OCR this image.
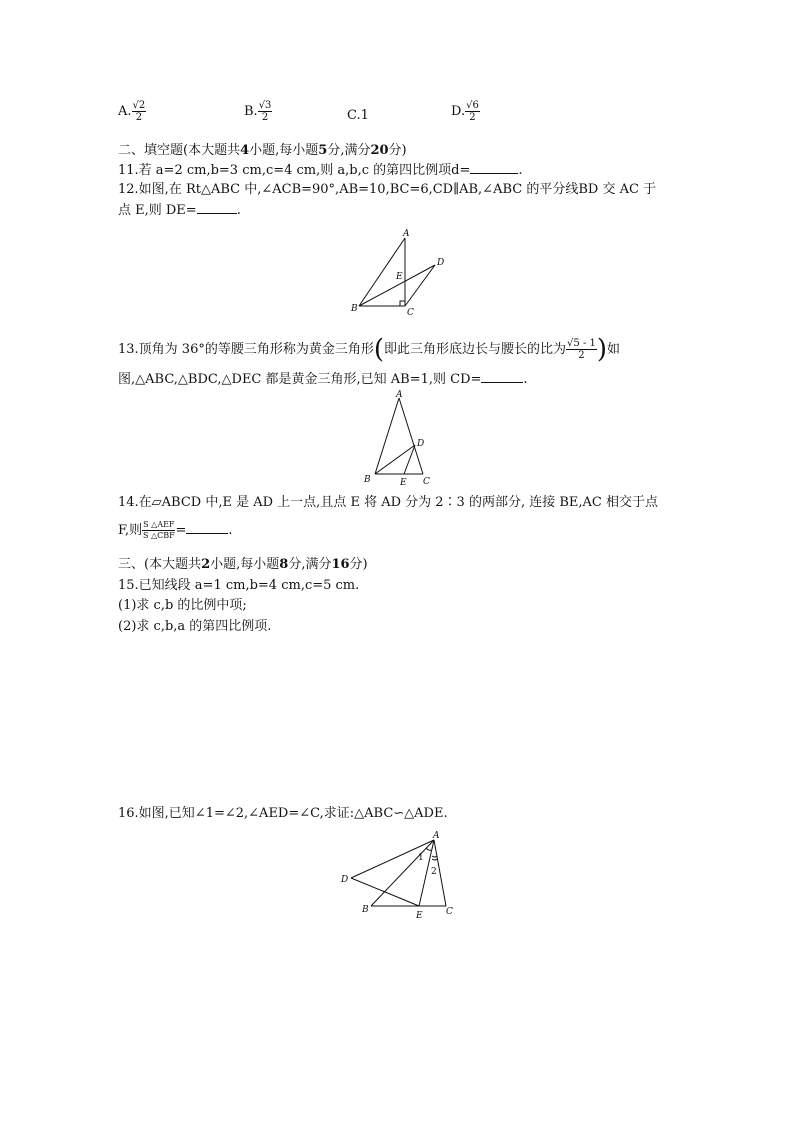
A. $\frac{√2}{2}$	B. $\frac{√3}{2}$	C.1	D. $\frac{√6}{2}$
二、填空题(本大题共4小题,每小题5分,满分20分)
11.若 a=2 cm,b=3 cm,c=4 cm,则 a,b,c 的第四比例项d=	.
12.如图,在 Rt△ABC 中,∠ACB=90°,AB=10,BC=6,CD∥AB,∠ABC 的平分线BD 交 AC 于
点 E,则 DE=	.
A
B	C
D
E
13.顶角为 36°的等腰三角形称为黄金三角形(即此三角形底边长与腰长的比为 $\frac{√5 - 1}{2}$ )如
图,△ABC,△BDC,△DEC 都是黄金三角形,已知 AB=1,则 CD=	.
A
B	C
D
E
14.在▱ABCD 中,E 是 AD 上一点,且点 E 将 AD 分为 2∶3 的两部分, 连接 BE,AC 相交于点
F,则 $\frac{\text{S △AEF}}{\text{S △CBF}}$ =	.
三、(本大题共2小题,每小题8分,满分16分)
15.已知线段 a=1 cm,b=4 cm,c=5 cm.
(1)求 c,b 的比例中项;
(2)求 c,b,a 的第四比例项.
16.如图,已知∠1=∠2,∠AED=∠C,求证:△ABC∽△ADE.
A
B	C
D
E
1
2
